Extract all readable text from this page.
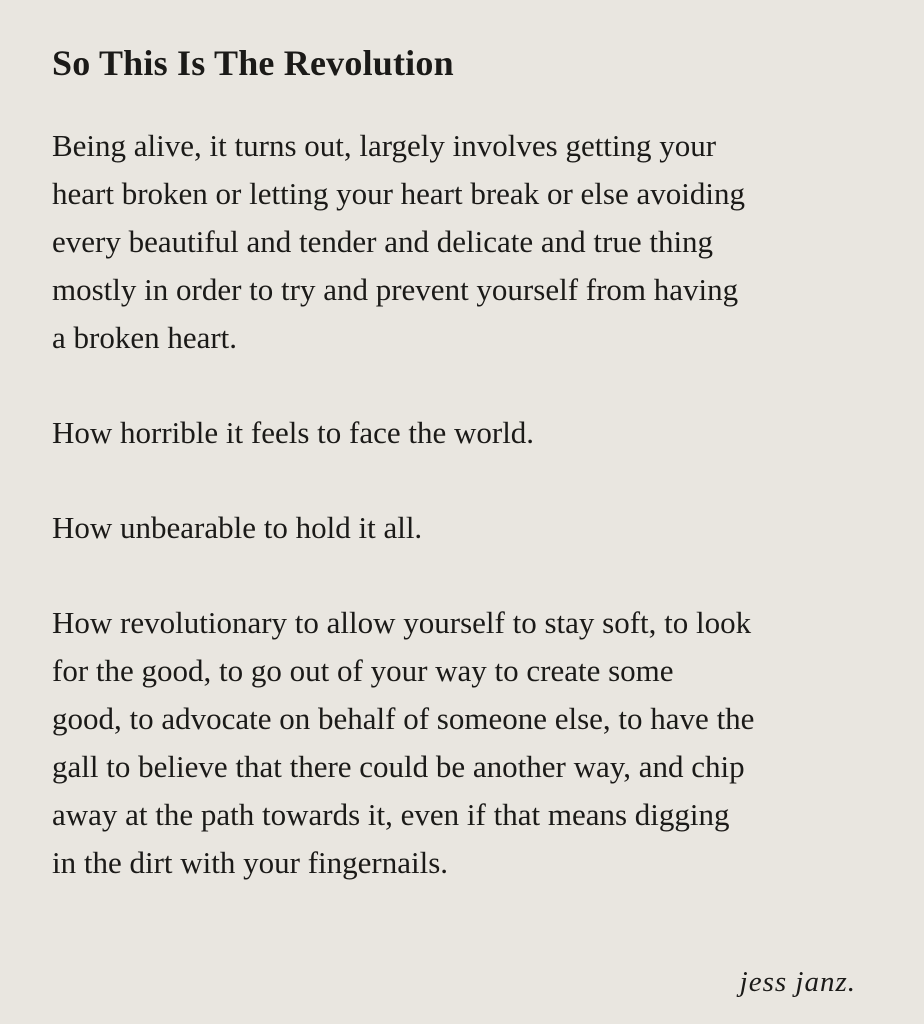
So This Is The Revolution

Being alive, it turns out, largely involves getting your
heart broken or letting your heart break or else avoiding
every beautiful and tender and delicate and true thing
mostly in order to try and prevent yourself from having
a broken heart.

How horrible it feels to face the world.

How unbearable to hold it all.

How revolutionary to allow yourself to stay soft, to look
for the good, to go out of your way to create some
good, to advocate on behalf of someone else, to have the
gall to believe that there could be another way, and chip
away at the path towards it, even if that means digging
in the dirt with your fingernails.

jess janz.
